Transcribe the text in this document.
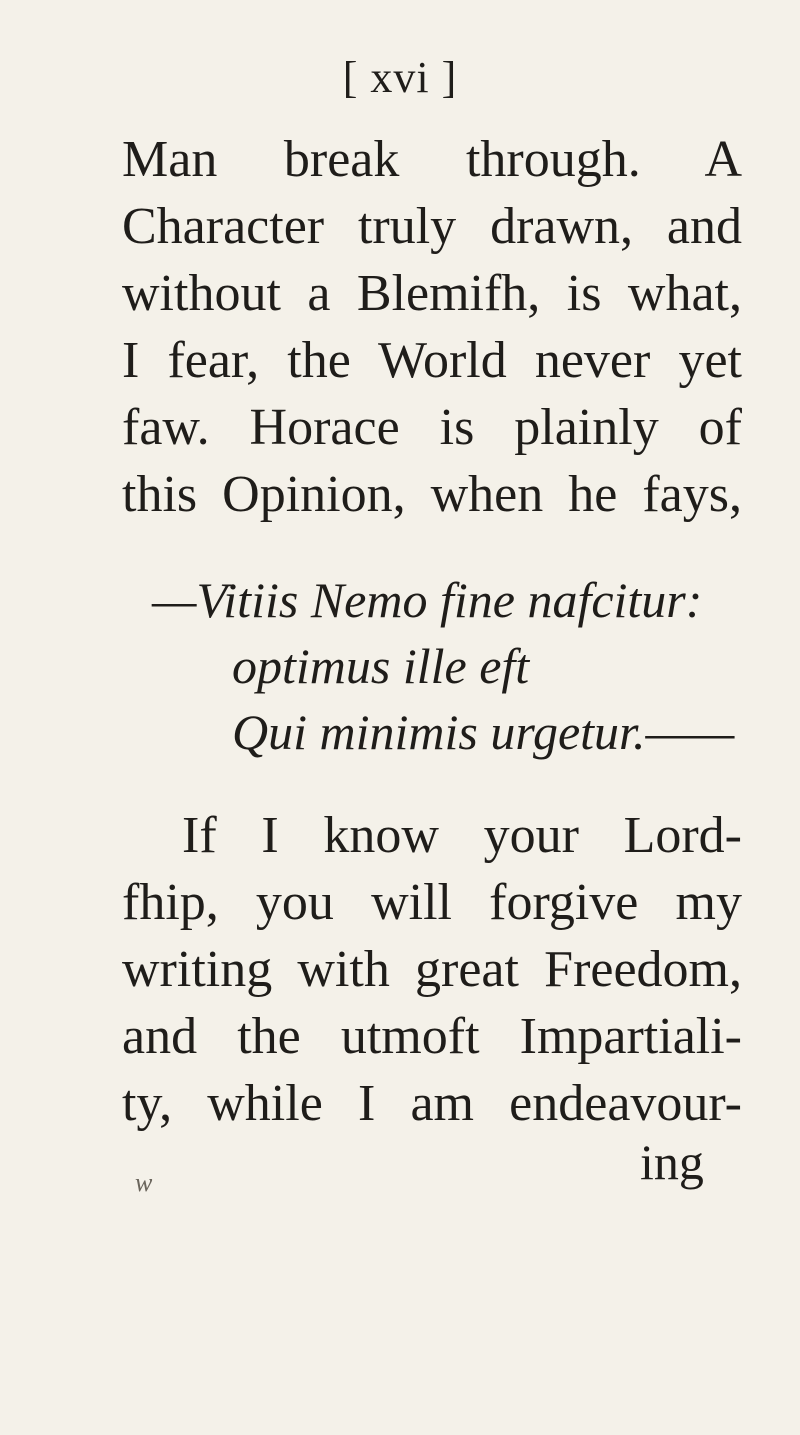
[ xvi ]
Man break through. A
Character truly drawn, and
without a Blemifh, is what,
I fear, the World never yet
faw. Horace is plainly of
this Opinion, when he fays,
—Vitiis Nemo fine nafcitur:
optimus ille eft
Qui minimis urgetur.——
If I know your Lord-
fhip, you will forgive my
writing with great Freedom,
and the utmoft Impartiali-
ty, while I am endeavour-
ing
w
